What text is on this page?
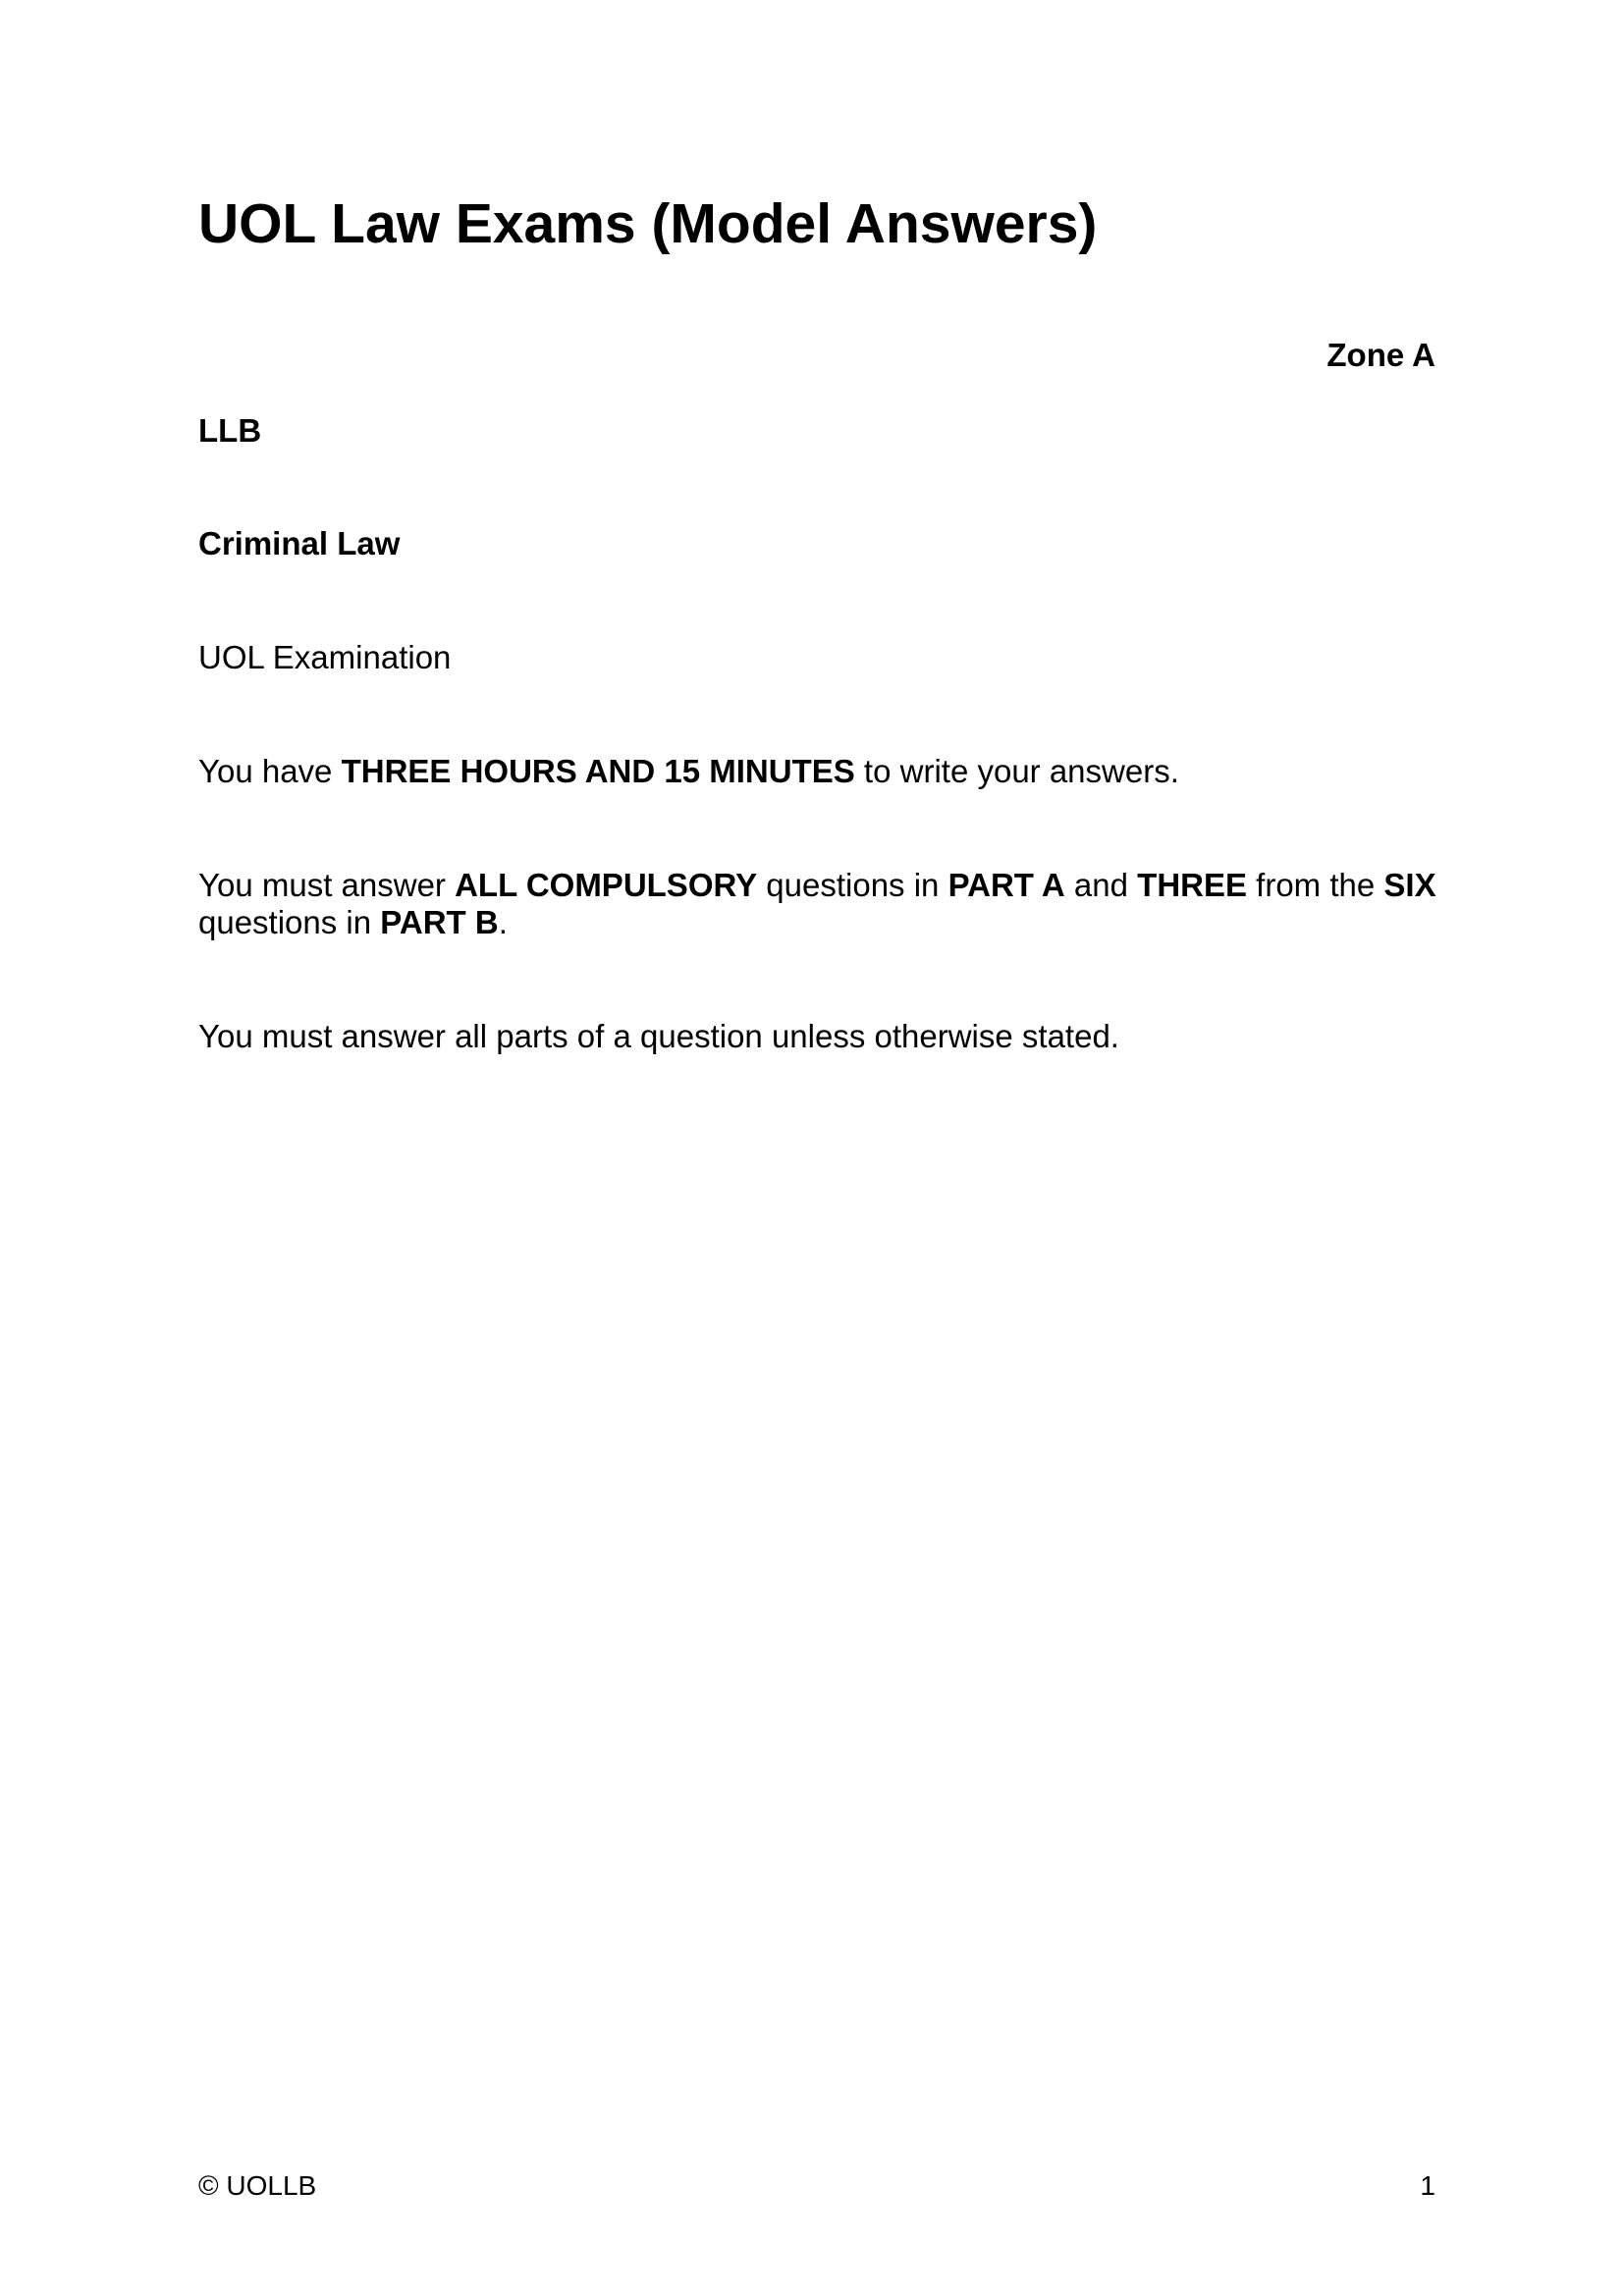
UOL Law Exams (Model Answers)
Zone A
LLB
Criminal Law
UOL Examination
You have THREE HOURS AND 15 MINUTES to write your answers.
You must answer ALL COMPULSORY questions in PART A and THREE from the SIX questions in PART B.
You must answer all parts of a question unless otherwise stated.
© UOLLB	1
